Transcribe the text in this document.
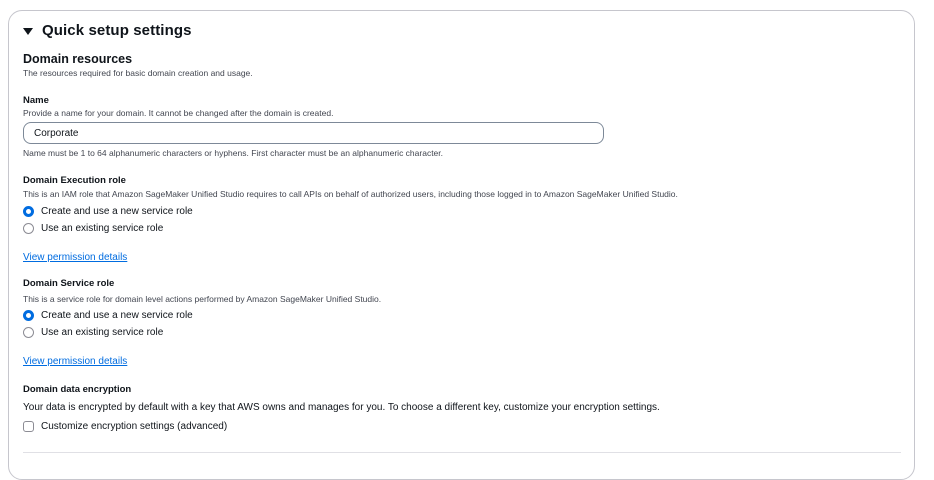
Quick setup settings
Domain resources
The resources required for basic domain creation and usage.
Name
Provide a name for your domain. It cannot be changed after the domain is created.
Corporate
Name must be 1 to 64 alphanumeric characters or hyphens. First character must be an alphanumeric character.
Domain Execution role
This is an IAM role that Amazon SageMaker Unified Studio requires to call APIs on behalf of authorized users, including those logged in to Amazon SageMaker Unified Studio.
Create and use a new service role
Use an existing service role
View permission details
Domain Service role
This is a service role for domain level actions performed by Amazon SageMaker Unified Studio.
Create and use a new service role
Use an existing service role
View permission details
Domain data encryption
Your data is encrypted by default with a key that AWS owns and manages for you. To choose a different key, customize your encryption settings.
Customize encryption settings (advanced)
